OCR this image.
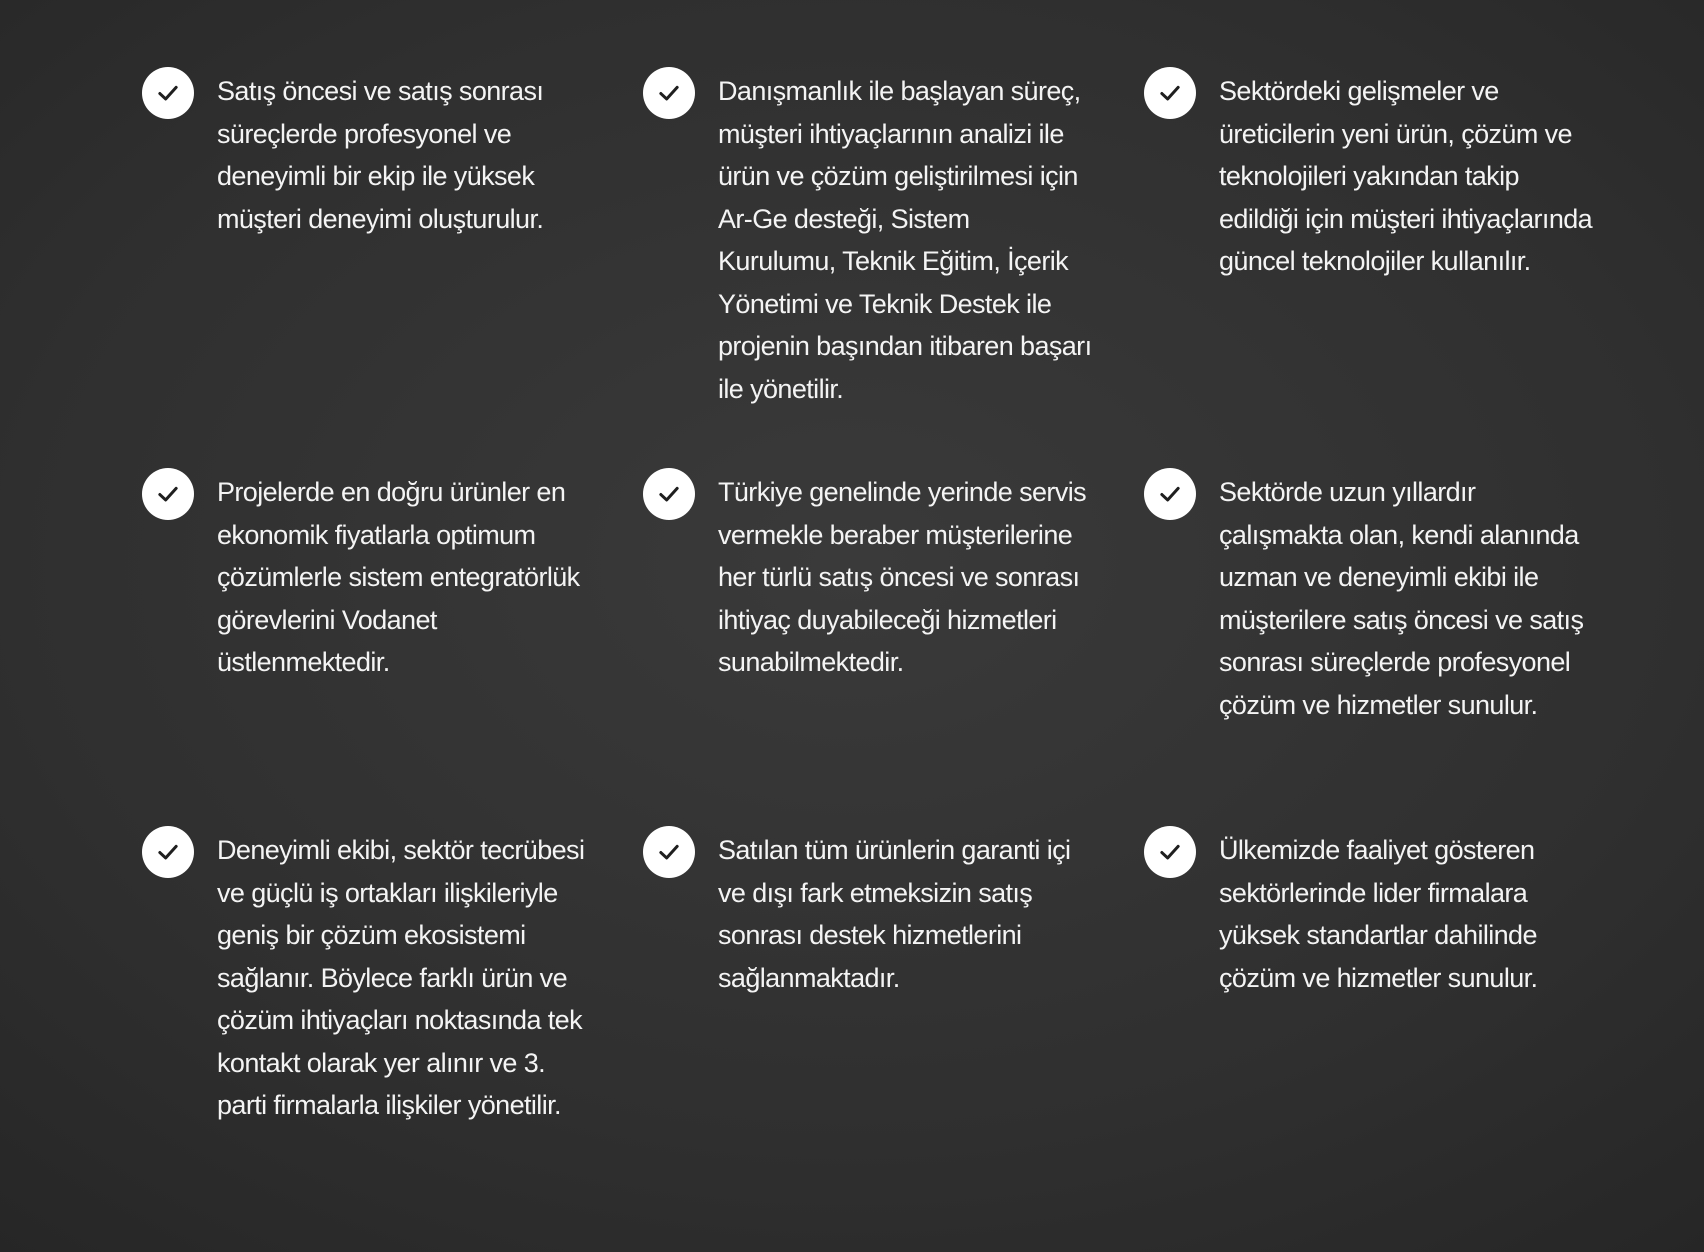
Satış öncesi ve satış sonrası süreçlerde profesyonel ve deneyimli bir ekip ile yüksek müşteri deneyimi oluşturulur.
Danışmanlık ile başlayan süreç, müşteri ihtiyaçlarının analizi ile ürün ve çözüm geliştirilmesi için Ar-Ge desteği, Sistem Kurulumu, Teknik Eğitim, İçerik Yönetimi ve Teknik Destek ile projenin başından itibaren başarı ile yönetilir.
Sektördeki gelişmeler ve üreticilerin yeni ürün, çözüm ve teknolojileri yakından takip edildiği için müşteri ihtiyaçlarında güncel teknolojiler kullanılır.
Projelerde en doğru ürünler en ekonomik fiyatlarla optimum çözümlerle sistem entegratörlük görevlerini Vodanet üstlenmektedir.
Türkiye genelinde yerinde servis vermekle beraber müşterilerine her türlü satış öncesi ve sonrası ihtiyaç duyabileceği hizmetleri sunabilmektedir.
Sektörde uzun yıllardır çalışmakta olan, kendi alanında uzman ve deneyimli ekibi ile müşterilere satış öncesi ve satış sonrası süreçlerde profesyonel çözüm ve hizmetler sunulur.
Deneyimli ekibi, sektör tecrübesi ve güçlü iş ortakları ilişkileriyle geniş bir çözüm ekosistemi sağlanır. Böylece farklı ürün ve çözüm ihtiyaçları noktasında tek kontakt olarak yer alınır ve 3. parti firmalarla ilişkiler yönetilir.
Satılan tüm ürünlerin garanti içi ve dışı fark etmeksizin satış sonrası destek hizmetlerini sağlanmaktadır.
Ülkemizde faaliyet gösteren sektörlerinde lider firmalara yüksek standartlar dahilinde çözüm ve hizmetler sunulur.
